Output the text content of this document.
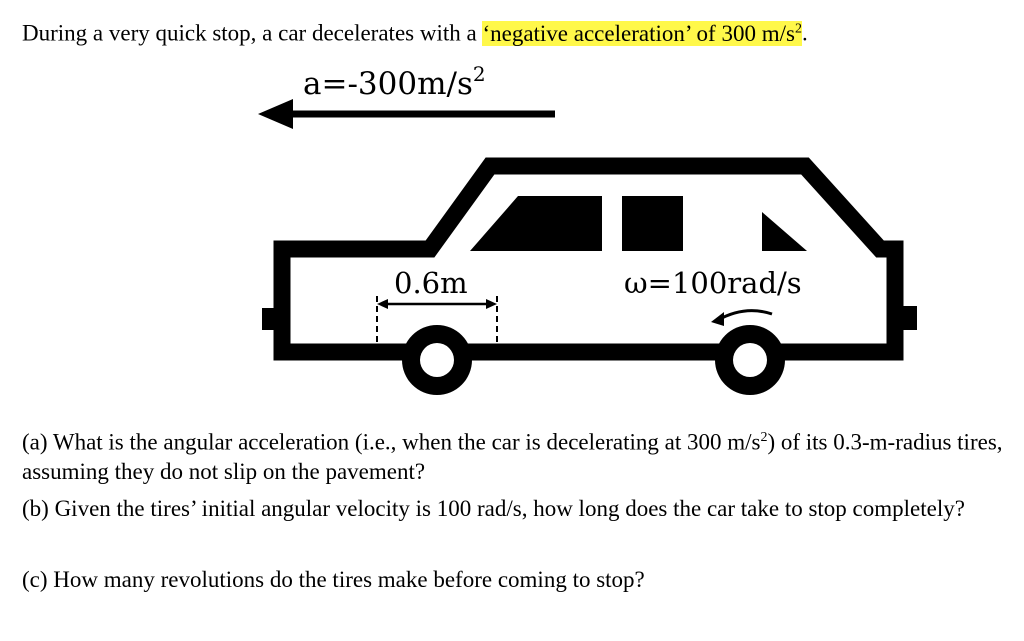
During a very quick stop, a car decelerates with a ‘negative acceleration’ of 300 $m/s^2$.
$a=-300m/s^2$
0.6m	ω=100rad/s
(a) What is the angular acceleration (i.e., when the car is decelerating at 300 $m/s^2$) of its 0.3-m-radius tires, assuming they do not slip on the pavement?
(b) Given the tires’ initial angular velocity is 100 rad/s, how long does the car take to stop completely?
(c) How many revolutions do the tires make before coming to stop?
